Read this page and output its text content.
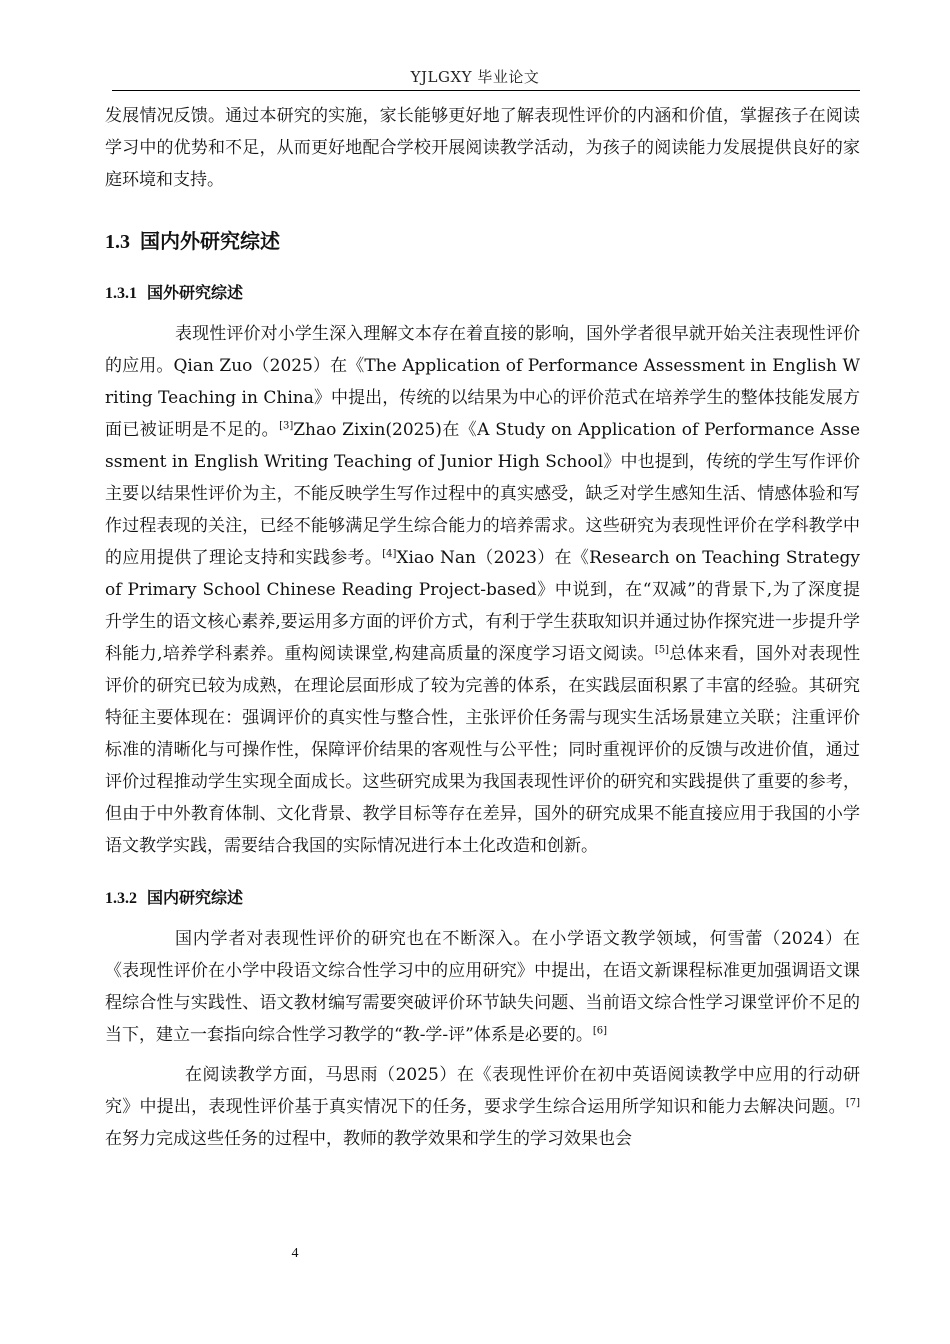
YJLGXY 毕业论文

发展情况反馈。通过本研究的实施，家长能够更好地了解表现性评价的内涵和价值，掌握孩子在阅读学习中的优势和不足，从而更好地配合学校开展阅读教学活动，为孩子的阅读能力发展提供良好的家庭环境和支持。

1.3 国内外研究综述
1.3.1 国外研究综述

表现性评价对小学生深入理解文本存在着直接的影响，国外学者很早就开始关注表现性评价的应用。Qian Zuo（2025）在《The Application of Performance Assessment in English Writing Teaching in China》中提出，传统的以结果为中心的评价范式在培养学生的整体技能发展方面已被证明是不足的。[3]Zhao Zixin(2025)在《A Study on Application of Performance Assessment in English Writing Teaching of Junior High School》中也提到，传统的学生写作评价主要以结果性评价为主，不能反映学生写作过程中的真实感受，缺乏对学生感知生活、情感体验和写作过程表现的关注，已经不能够满足学生综合能力的培养需求。这些研究为表现性评价在学科教学中的应用提供了理论支持和实践参考。[4]Xiao Nan（2023）在《Research on Teaching Strategy of Primary School Chinese Reading Project-based》中说到，在“双减”的背景下,为了深度提升学生的语文核心素养,要运用多方面的评价方式，有利于学生获取知识并通过协作探究进一步提升学科能力,培养学科素养。重构阅读课堂,构建高质量的深度学习语文阅读。[5]总体来看，国外对表现性评价的研究已较为成熟，在理论层面形成了较为完善的体系，在实践层面积累了丰富的经验。其研究特征主要体现在：强调评价的真实性与整合性，主张评价任务需与现实生活场景建立关联；注重评价标准的清晰化与可操作性，保障评价结果的客观性与公平性；同时重视评价的反馈与改进价值，通过评价过程推动学生实现全面成长。这些研究成果为我国表现性评价的研究和实践提供了重要的参考，但由于中外教育体制、文化背景、教学目标等存在差异，国外的研究成果不能直接应用于我国的小学语文教学实践，需要结合我国的实际情况进行本土化改造和创新。

1.3.2 国内研究综述

国内学者对表现性评价的研究也在不断深入。在小学语文教学领域，何雪蕾（2024）在《表现性评价在小学中段语文综合性学习中的应用研究》中提出，在语文新课程标准更加强调语文课程综合性与实践性、语文教材编写需要突破评价环节缺失问题、当前语文综合性学习课堂评价不足的当下，建立一套指向综合性学习教学的“教-学-评”体系是必要的。[6]

在阅读教学方面，马思雨（2025）在《表现性评价在初中英语阅读教学中应用的行动研究》中提出，表现性评价基于真实情况下的任务，要求学生综合运用所学知识和能力去解决问题。[7]在努力完成这些任务的过程中，教师的教学效果和学生的学习效果也会

4
